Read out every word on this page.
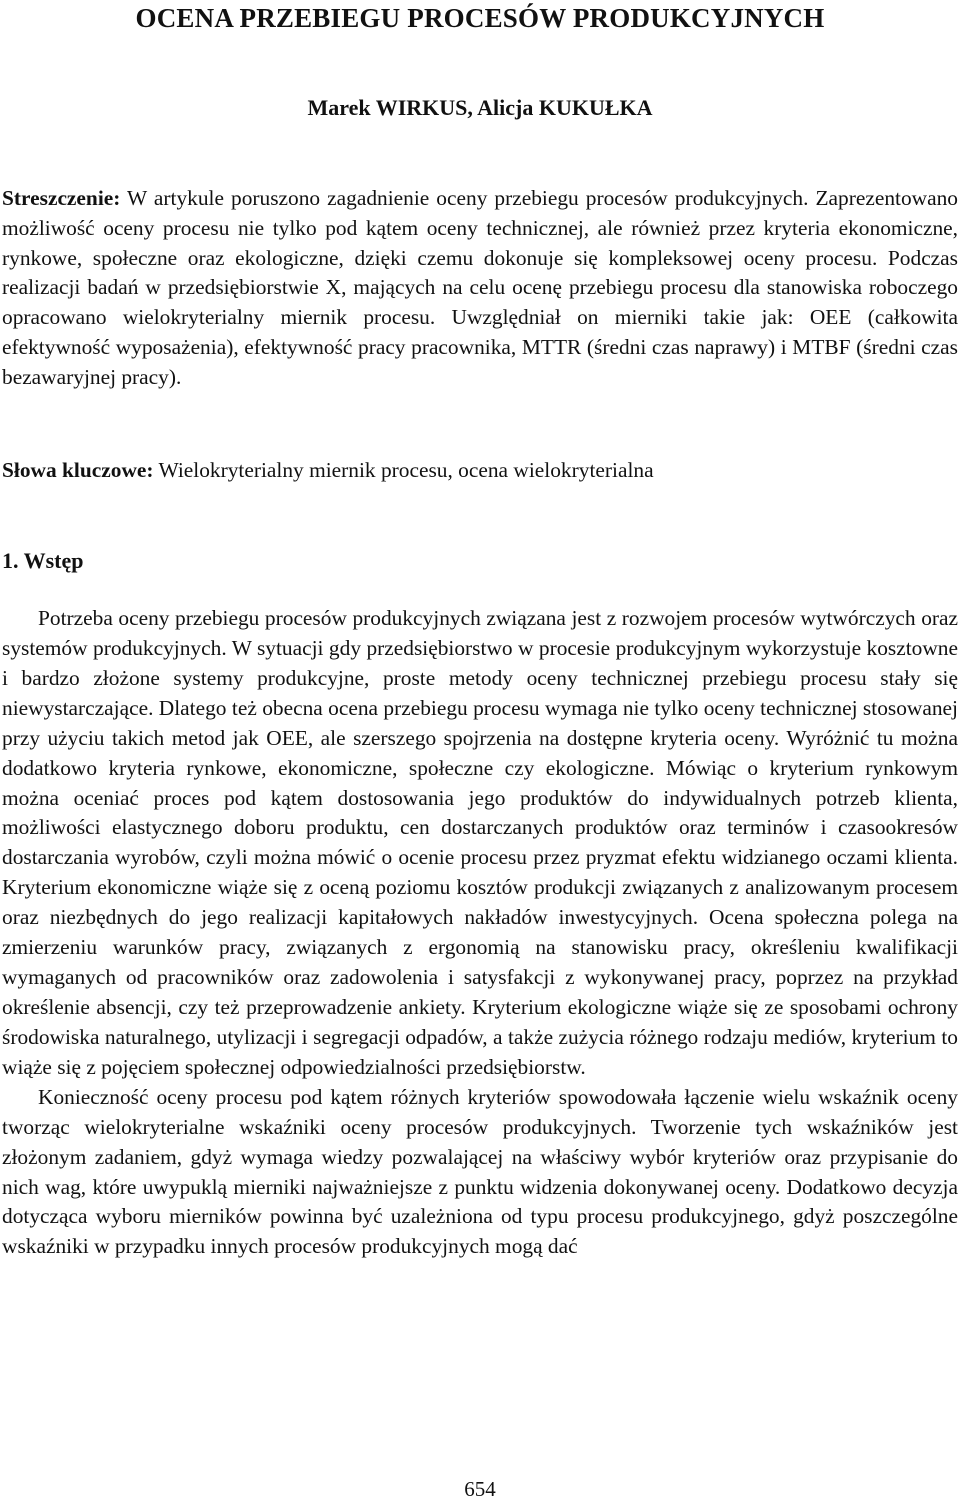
OCENA PRZEBIEGU PROCESÓW PRODUKCYJNYCH
Marek WIRKUS, Alicja KUKUŁKA

Streszczenie: W artykule poruszono zagadnienie oceny przebiegu procesów produkcyjnych. Zaprezentowano możliwość oceny procesu nie tylko pod kątem oceny technicznej, ale również przez kryteria ekonomiczne, rynkowe, społeczne oraz ekologiczne, dzięki czemu dokonuje się kompleksowej oceny procesu. Podczas realizacji badań w przedsiębiorstwie X, mających na celu ocenę przebiegu procesu dla stanowiska roboczego opracowano wielokryterialny miernik procesu. Uwzględniał on mierniki takie jak: OEE (całkowita efektywność wyposażenia), efektywność pracy pracownika, MTTR (średni czas naprawy) i MTBF (średni czas bezawaryjnej pracy).

Słowa kluczowe: Wielokryterialny miernik procesu, ocena wielokryterialna

1. Wstęp

Potrzeba oceny przebiegu procesów produkcyjnych związana jest z rozwojem procesów wytwórczych oraz systemów produkcyjnych. W sytuacji gdy przedsiębiorstwo w procesie produkcyjnym wykorzystuje kosztowne i bardzo złożone systemy produkcyjne, proste metody oceny technicznej przebiegu procesu stały się niewystarczające. Dlatego też obecna ocena przebiegu procesu wymaga nie tylko oceny technicznej stosowanej przy użyciu takich metod jak OEE, ale szerszego spojrzenia na dostępne kryteria oceny. Wyróżnić tu można dodatkowo kryteria rynkowe, ekonomiczne, społeczne czy ekologiczne. Mówiąc o kryterium rynkowym można oceniać proces pod kątem dostosowania jego produktów do indywidualnych potrzeb klienta, możliwości elastycznego doboru produktu, cen dostarczanych produktów oraz terminów i czasookresów dostarczania wyrobów, czyli można mówić o ocenie procesu przez pryzmat efektu widzianego oczami klienta. Kryterium ekonomiczne wiąże się z oceną poziomu kosztów produkcji związanych z analizowanym procesem oraz niezbędnych do jego realizacji kapitałowych nakładów inwestycyjnych. Ocena społeczna polega na zmierzeniu warunków pracy, związanych z ergonomią na stanowisku pracy, określeniu kwalifikacji wymaganych od pracowników oraz zadowolenia i satysfakcji z wykonywanej pracy, poprzez na przykład określenie absencji, czy też przeprowadzenie ankiety. Kryterium ekologiczne wiąże się ze sposobami ochrony środowiska naturalnego, utylizacji i segregacji odpadów, a także zużycia różnego rodzaju mediów, kryterium to wiąże się z pojęciem społecznej odpowiedzialności przedsiębiorstw.

Konieczność oceny procesu pod kątem różnych kryteriów spowodowała łączenie wielu wskaźnik oceny tworząc wielokryterialne wskaźniki oceny procesów produkcyjnych. Tworzenie tych wskaźników jest złożonym zadaniem, gdyż wymaga wiedzy pozwalającej na właściwy wybór kryteriów oraz przypisanie do nich wag, które uwypuklą mierniki najważniejsze z punktu widzenia dokonywanej oceny. Dodatkowo decyzja dotycząca wyboru mierników powinna być uzależniona od typu procesu produkcyjnego, gdyż poszczególne wskaźniki w przypadku innych procesów produkcyjnych mogą dać

654
